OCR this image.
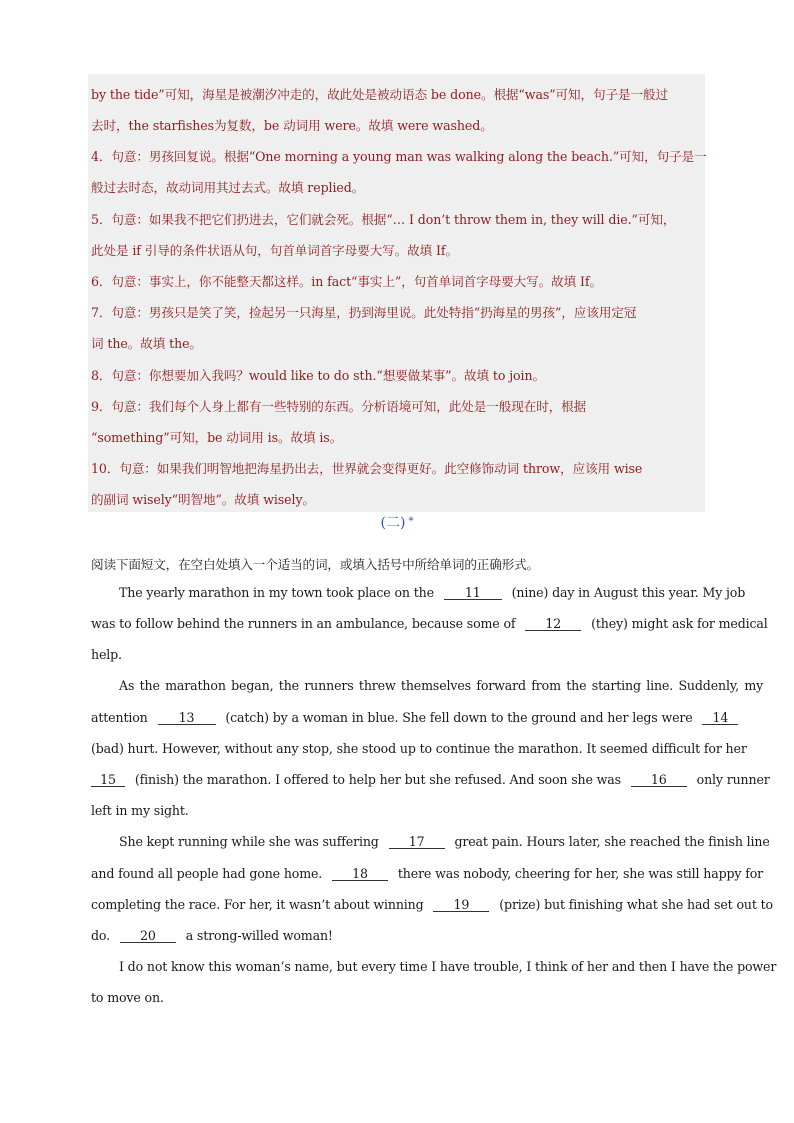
by the tide”可知，海星是被潮汐冲走的，故此处是被动语态 be done。根据“was”可知，句子是一般过
去时，the starfishes为复数，be 动词用 were。故填 were washed。
4．句意：男孩回复说。根据“One morning a young man was walking along the beach.”可知，句子是一
般过去时态，故动词用其过去式。故填 replied。
5．句意：如果我不把它们扔进去，它们就会死。根据“… I don’t throw them in, they will die.”可知，
此处是 if 引导的条件状语从句，句首单词首字母要大写。故填 If。
6．句意：事实上，你不能整天都这样。in fact“事实上”，句首单词首字母要大写。故填 If。
7．句意：男孩只是笑了笑，捡起另一只海星，扔到海里说。此处特指“扔海星的男孩”，应该用定冠
词 the。故填 the。
8．句意：你想要加入我吗？would like to do sth.“想要做某事”。故填 to join。
9．句意：我们每个人身上都有一些特别的东西。分析语境可知，此处是一般现在时，根据
“something”可知，be 动词用 is。故填 is。
10．句意：如果我们明智地把海星扔出去，世界就会变得更好。此空修饰动词 throw，应该用 wise
的副词 wisely“明智地”。故填 wisely。
(二) *
阅读下面短文，在空白处填入一个适当的词，或填入括号中所给单词的正确形式。
The yearly marathon in my town took place on the 11 (nine) day in August this year. My job
was to follow behind the runners in an ambulance, because some of 12 (they) might ask for medical
help.
As the marathon began, the runners threw themselves forward from the starting line. Suddenly, my
attention 13 (catch) by a woman in blue. She fell down to the ground and her legs were 14
(bad) hurt. However, without any stop, she stood up to continue the marathon. It seemed difficult for her
15 (finish) the marathon. I offered to help her but she refused. And soon she was 16 only runner
left in my sight.
She kept running while she was suffering 17 great pain. Hours later, she reached the finish line
and found all people had gone home. 18 there was nobody, cheering for her, she was still happy for
completing the race. For her, it wasn’t about winning 19 (prize) but finishing what she had set out to
do. 20 a strong-willed woman!
I do not know this woman’s name, but every time I have trouble, I think of her and then I have the power
to move on.
